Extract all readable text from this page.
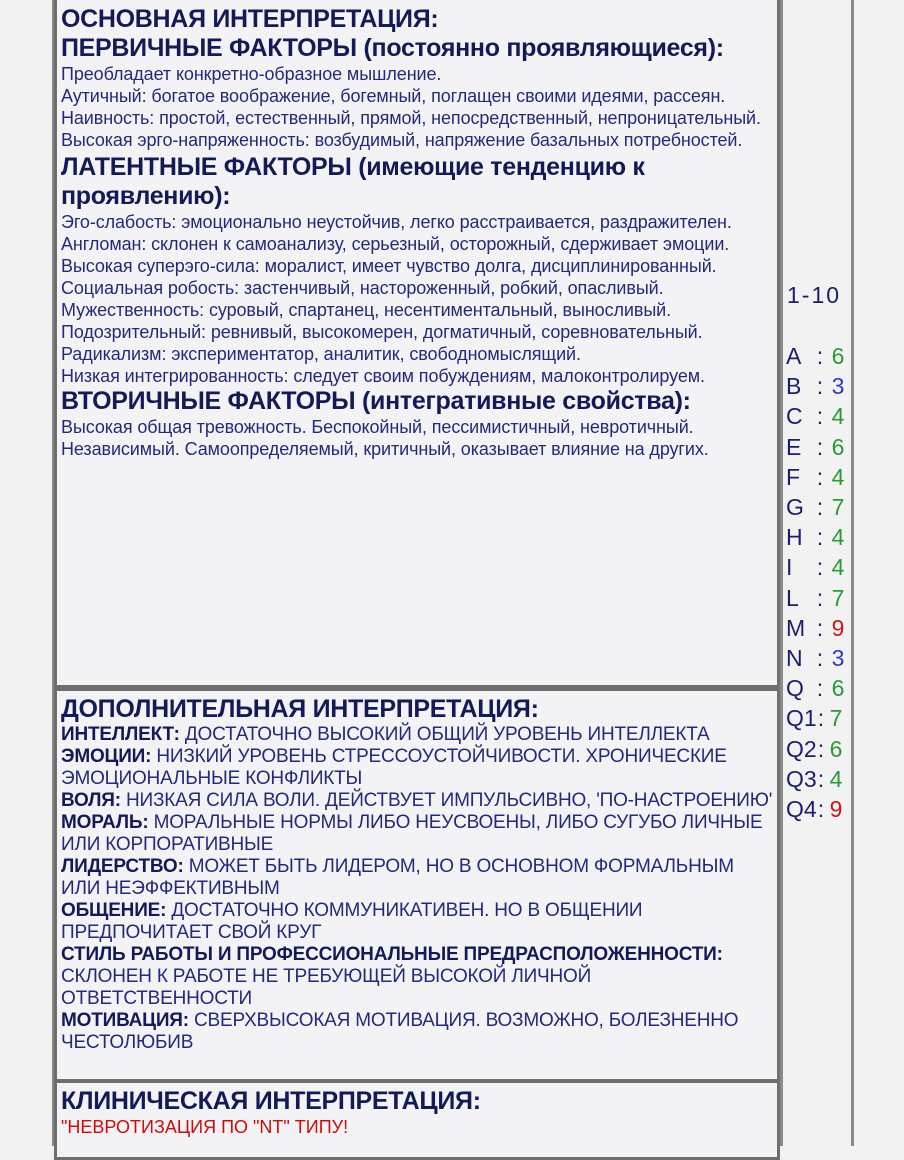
ОСНОВНАЯ ИНТЕРПРЕТАЦИЯ:
ПЕРВИЧНЫЕ ФАКТОРЫ (постоянно проявляющиеся):
Преобладает конкретно-образное мышление.
Аутичный: богатое воображение, богемный, поглащен своими идеями, рассеян.
Наивность: простой, естественный, прямой, непосредственный, непроницательный.
Высокая эрго-напряженность: возбудимый, напряжение базальных потребностей.
ЛАТЕНТНЫЕ ФАКТОРЫ (имеющие тенденцию к проявлению):
Эго-слабость: эмоционально неустойчив, легко расстраивается, раздражителен.
Англоман: склонен к самоанализу, серьезный, осторожный, сдерживает эмоции.
Высокая суперэго-сила: моралист, имеет чувство долга, дисциплинированный.
Социальная робость: застенчивый, настороженный, робкий, опасливый.
Мужественность: суровый, спартанец, несентиментальный, выносливый.
Подозрительный: ревнивый, высокомерен, догматичный, соревновательный.
Радикализм: экспериментатор, аналитик, свободномыслящий.
Низкая интегрированность: следует своим побуждениям, малоконтролируем.
ВТОРИЧНЫЕ ФАКТОРЫ (интегративные свойства):
Высокая общая тревожность. Беспокойный, пессимистичный, невротичный.
Независимый. Самоопределяемый, критичный, оказывает влияние на других.
ДОПОЛНИТЕЛЬНАЯ ИНТЕРПРЕТАЦИЯ:
ИНТЕЛЛЕКТ: ДОСТАТОЧНО ВЫСОКИЙ ОБЩИЙ УРОВЕНЬ ИНТЕЛЛЕКТА
ЭМОЦИИ: НИЗКИЙ УРОВЕНЬ СТРЕССОУСТОЙЧИВОСТИ. ХРОНИЧЕСКИЕ ЭМОЦИОНАЛЬНЫЕ КОНФЛИКТЫ
ВОЛЯ: НИЗКАЯ СИЛА ВОЛИ. ДЕЙСТВУЕТ ИМПУЛЬСИВНО, 'ПО-НАСТРОЕНИЮ'
МОРАЛЬ: МОРАЛЬНЫЕ НОРМЫ ЛИБО НЕУСВОЕНЫ, ЛИБО СУГУБО ЛИЧНЫЕ ИЛИ КОРПОРАТИВНЫЕ
ЛИДЕРСТВО: МОЖЕТ БЫТЬ ЛИДЕРОМ, НО В ОСНОВНОМ ФОРМАЛЬНЫМ ИЛИ НЕЭФФЕКТИВНЫМ
ОБЩЕНИЕ: ДОСТАТОЧНО КОММУНИКАТИВЕН. НО В ОБЩЕНИИ ПРЕДПОЧИТАЕТ СВОЙ КРУГ
СТИЛЬ РАБОТЫ И ПРОФЕССИОНАЛЬНЫЕ ПРЕДРАСПОЛОЖЕННОСТИ: СКЛОНЕН К РАБОТЕ НЕ ТРЕБУЮЩЕЙ ВЫСОКОЙ ЛИЧНОЙ ОТВЕТСТВЕННОСТИ
МОТИВАЦИЯ: СВЕРХВЫСОКАЯ МОТИВАЦИЯ. ВОЗМОЖНО, БОЛЕЗНЕННО ЧЕСТОЛЮБИВ
КЛИНИЧЕСКАЯ ИНТЕРПРЕТАЦИЯ:
"НЕВРОТИЗАЦИЯ ПО "NT" ТИПУ!
1-10
A : 6
B : 3
C : 4
E : 6
F : 4
G : 7
H : 4
I : 4
L : 7
M : 9
N : 3
Q : 6
Q1: 7
Q2: 6
Q3: 4
Q4: 9
